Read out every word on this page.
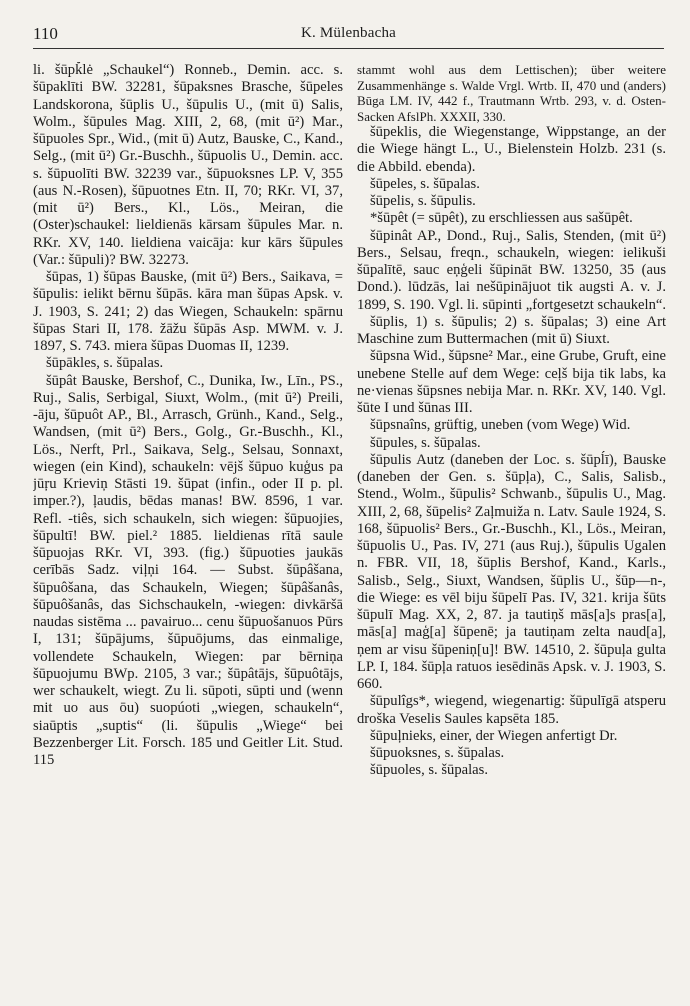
110	K. Mülenbacha

li. šūpǩlė „Schaukel“) Ronneb., Demin. acc. s. šūpaklīti BW. 32281, šūpaksnes Brasche, šūpeles Landskorona, šūplis U., šūpulis U., (mit ū) Salis, Wolm., šūpules Mag. XIII, 2, 68, (mit ū²) Mar., šūpuoles Spr., Wid., (mit ū) Autz, Bauske, C., Kand., Selg., (mit ū²) Gr.-Buschh., šūpuolis U., Demin. acc. s. šūpuolīti BW. 32239 var., šūpuoksnes LP. V, 355 (aus N.-Rosen), šūpuotnes Etn. II, 70; RKr. VI, 37, (mit ū²) Bers., Kl., Lös., Meiran, die (Oster)schaukel: lieldienās kārsam šūpules Mar. n. RKr. XV, 140. lieldiena vaicāja: kur kārs šūpules (Var.: šūpuli)? BW. 32273.

šūpas, 1) šūpas Bauske, (mit ū²) Bers., Saikava, = šūpulis: ielikt bērnu šūpās. kāra man šūpas Apsk. v. J. 1903, S. 241; 2) das Wiegen, Schaukeln: spārnu šūpas Stari II, 178. žāžu šūpās Asp. MWM. v. J. 1897, S. 743. miera šūpas Duomas II, 1239.

šūpākles, s. šūpalas.

šūpât Bauske, Bershof, C., Dunika, Iw., Līn., PS., Ruj., Salis, Serbigal, Siuxt, Wolm., (mit ū²) Preili, -āju, šūpuôt AP., Bl., Arrasch, Grünh., Kand., Selg., Wandsen, (mit ū²) Bers., Golg., Gr.-Buschh., Kl., Lös., Nerft, Prl., Saikava, Selg., Selsau, Sonnaxt, wiegen (ein Kind), schaukeln: vējš šūpuo kuģus pa jūŗu Krieviņ Stāsti 19. šūpat (infin., oder II p. pl. imper.?), ļaudis, bēdas manas! BW. 8596, 1 var. Refl. -tiês, sich schaukeln, sich wiegen: šūpuojies, šūpultī! BW. piel.² 1885. lieldienas rītā saule šūpuojas RKr. VI, 393. (fig.) šūpuoties jaukās cerībās Sadz. viļņi 164. — Subst. šūpâšana, šūpuôšana, das Schaukeln, Wiegen; šūpâšanâs, šūpuôšanâs, das Sichschaukeln, -wiegen: divkāršā naudas sistēma ... pavairuo... cenu šūpuošanuos Pūrs I, 131; šūpājums, šūpuōjums, das einmalige, vollendete Schaukeln, Wiegen: par bērniņa šūpuojumu BWp. 2105, 3 var.; šūpâtājs, šūpuôtājs, wer schaukelt, wiegt. Zu li. sūpoti, sūpti und (wenn mit uo aus ōu) suopúoti „wiegen, schaukeln“, siaūptis „suptis“ (li. šūpulis „Wiege“ bei Bezzenberger Lit. Forsch. 185 und Geitler Lit. Stud. 115

stammt wohl aus dem Lettischen); über weitere Zusammenhänge s. Walde Vrgl. Wrtb. II, 470 und (anders) Būga LM. IV, 442 f., Trautmann Wrtb. 293, v. d. Osten-Sacken AfslPh. XXXII, 330.

šūpeklis, die Wiegenstange, Wippstange, an der die Wiege hängt L., U., Bielenstein Holzb. 231 (s. die Abbild. ebenda).

šūpeles, s. šūpalas.

šūpelis, s. šūpulis.

*šūpêt (= sūpêt), zu erschliessen aus sašūpêt.

šūpinât AP., Dond., Ruj., Salis, Stenden, (mit ū²) Bers., Selsau, freqn., schaukeln, wiegen: ielikuši šūpalītē, sauc eņģeli šūpināt BW. 13250, 35 (aus Dond.). lūdzās, lai nešūpinājuot tik augsti A. v. J. 1899, S. 190. Vgl. li. sūpinti „fortgesetzt schaukeln“.

šūplis, 1) s. šūpulis; 2) s. šūpalas; 3) eine Art Maschine zum Buttermachen (mit ū) Siuxt.

šūpsna Wid., šūpsne² Mar., eine Grube, Gruft, eine unebene Stelle auf dem Wege: ceļš bija tik labs, ka ne·vienas šūpsnes nebija Mar. n. RKr. XV, 140. Vgl. šūte I und šūnas III.

šūpsnaîns, grüftig, uneben (vom Wege) Wid.

šūpules, s. šūpalas.

šūpulis Autz (daneben der Loc. s. šūpĺī), Bauske (daneben der Gen. s. šūpļa), C., Salis, Salisb., Stend., Wolm., šūpulis² Schwanb., šūpulis U., Mag. XIII, 2, 68, šūpelis² Zaļmuiža n. Latv. Saule 1924, S. 168, šūpuolis² Bers., Gr.-Buschh., Kl., Lös., Meiran, šūpuolis U., Pas. IV, 271 (aus Ruj.), šūpulis Ugalen n. FBR. VII, 18, šūplis Bershof, Kand., Karls., Salisb., Selg., Siuxt, Wandsen, šūplis U., šūp—n-, die Wiege: es vēl biju šūpelī Pas. IV, 321. krija šūts šūpulī Mag. XX, 2, 87. ja tautiņš mās[a]s pras[a], mās[a] maģ[a] šūpenē; ja tautiņam zelta naud[a], ņem ar visu šūpeniņ[u]! BW. 14510, 2. šūpuļa gulta LP. I, 184. šūpļa ratuos iesēdinās Apsk. v. J. 1903, S. 660.

šūpulîgs*, wiegend, wiegenartig: šūpulīgā atsperu droška Veselis Saules kapsēta 185.

šūpuļnieks, einer, der Wiegen anfertigt Dr.

šūpuoksnes, s. šūpalas.

šūpuoles, s. šūpalas.
